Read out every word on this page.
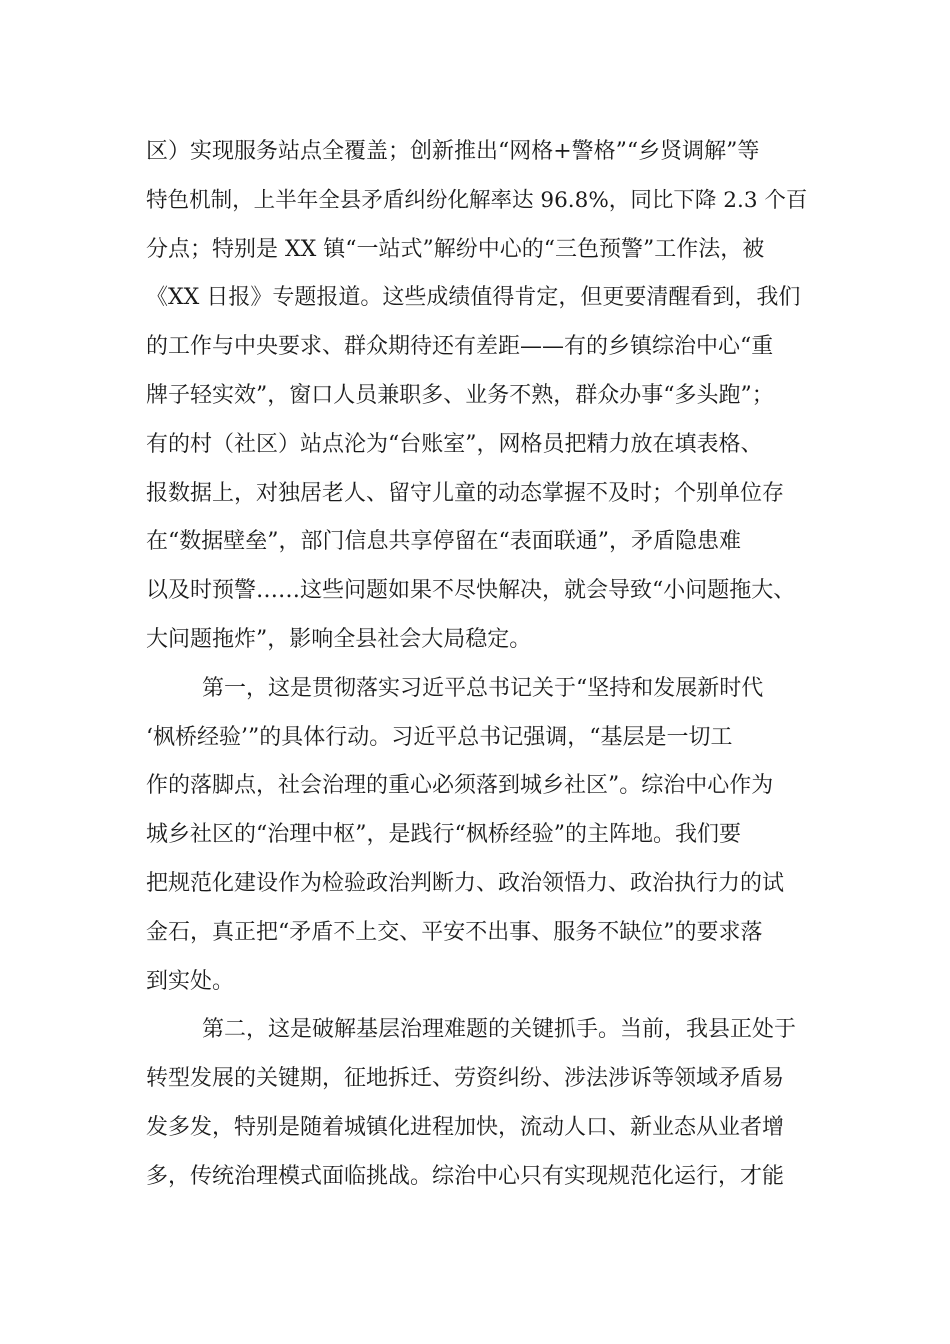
区）实现服务站点全覆盖；创新推出“网格+警格”“乡贤调解”等
特色机制，上半年全县矛盾纠纷化解率达 96.8%，同比下降 2.3 个百
分点；特别是 XX 镇“一站式”解纷中心的“三色预警”工作法，被
《XX 日报》专题报道。这些成绩值得肯定，但更要清醒看到，我们
的工作与中央要求、群众期待还有差距——有的乡镇综治中心“重
牌子轻实效”，窗口人员兼职多、业务不熟，群众办事“多头跑”；
有的村（社区）站点沦为“台账室”，网格员把精力放在填表格、
报数据上，对独居老人、留守儿童的动态掌握不及时；个别单位存
在“数据壁垒”，部门信息共享停留在“表面联通”，矛盾隐患难
以及时预警……这些问题如果不尽快解决，就会导致“小问题拖大、
大问题拖炸”，影响全县社会大局稳定。
第一，这是贯彻落实习近平总书记关于“坚持和发展新时代
‘枫桥经验’”的具体行动。习近平总书记强调，“基层是一切工
作的落脚点，社会治理的重心必须落到城乡社区”。综治中心作为
城乡社区的“治理中枢”，是践行“枫桥经验”的主阵地。我们要
把规范化建设作为检验政治判断力、政治领悟力、政治执行力的试
金石，真正把“矛盾不上交、平安不出事、服务不缺位”的要求落
到实处。
第二，这是破解基层治理难题的关键抓手。当前，我县正处于
转型发展的关键期，征地拆迁、劳资纠纷、涉法涉诉等领域矛盾易
发多发，特别是随着城镇化进程加快，流动人口、新业态从业者增
多，传统治理模式面临挑战。综治中心只有实现规范化运行，才能
